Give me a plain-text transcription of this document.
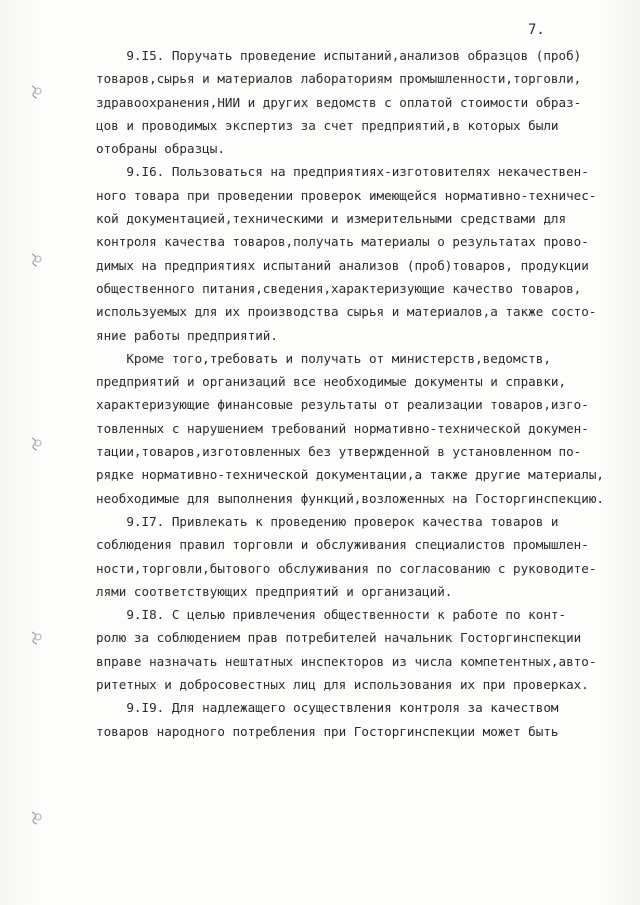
7.
9.I5. Поручать проведение испытаний,анализов образцов (проб)
товаров,сырья и материалов лабораториям промышленности,торговли,
здравоохранения,НИИ и других ведомств с оплатой стоимости образ-
цов и проводимых экспертиз за счет предприятий,в которых были
отобраны образцы.
9.I6. Пользоваться на предприятиях-изготовителях некачествен-
ного товара при проведении проверок имеющейся нормативно-техничес-
кой документацией,техническими и измерительными средствами для
контроля качества товаров,получать материалы о результатах прово-
димых на предприятиях испытаний анализов (проб)товаров, продукции
общественного питания,сведения,характеризующие качество товаров,
используемых для их производства сырья и материалов,а также состо-
яние работы предприятий.
Кроме того,требовать и получать от министерств,ведомств,
предприятий и организаций все необходимые документы и справки,
характеризующие финансовые результаты от реализации товаров,изго-
товленных с нарушением требований нормативно-технической докумен-
тации,товаров,изготовленных без утвержденной в установленном по-
рядке нормативно-технической документации,а также другие материалы,
необходимые для выполнения функций,возложенных на Госторгинспекцию.
9.I7. Привлекать к проведению проверок качества товаров и
соблюдения правил торговли и обслуживания специалистов промышлен-
ности,торговли,бытового обслуживания по согласованию с руководите-
лями соответствующих предприятий и организаций.
9.I8. С целью привлечения общественности к работе по конт-
ролю за соблюдением прав потребителей начальник Госторгинспекции
вправе назначать нештатных инспекторов из числа компетентных,авто-
ритетных и добросовестных лиц для использования их при проверках.
9.I9. Для надлежащего осуществления контроля за качеством
товаров народного потребления при Госторгинспекции может быть
